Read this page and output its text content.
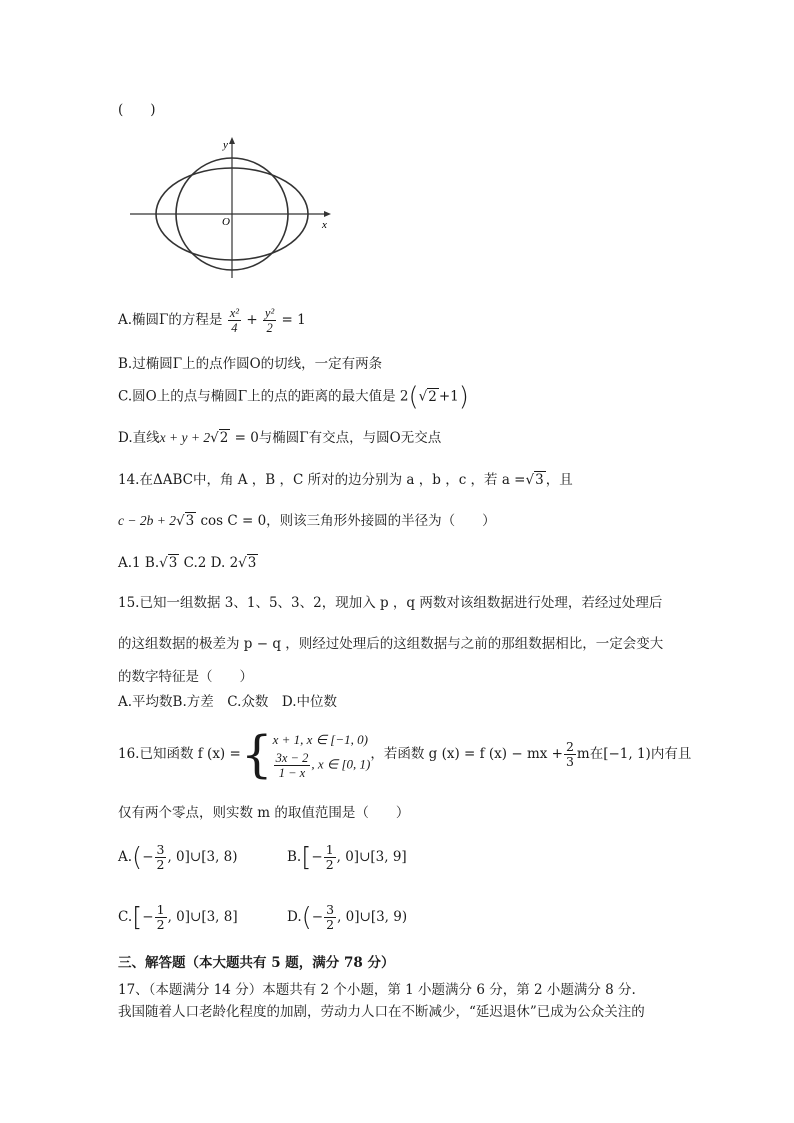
(　　)
y
x
O
A.椭圆Γ的方程是 $\frac{\text{x²}}{4} + \frac{\text{y²}}{2} = 1$
B.过椭圆Γ上的点作圆O的切线，一定有两条
C.圆O上的点与椭圆Γ上的点的距离的最大值是 2(√2 +1)
D.直线x + y + 2√2 = 0与椭圆Γ有交点，与圆O无交点
14.在ΔABC中，角 A ，B ，C 所对的边分别为 a ，b ，c ，若 a =√3 ，且
c − 2b + 2√3 cos C = 0，则该三角形外接圆的半径为（　　）
A.1 B.√3 C.2 D. 2√3
15.已知一组数据 3、1、5、3、2，现加入 p ，q 两数对该组数据进行处理，若经过处理后
的这组数据的极差为 p − q ，则经过处理后的这组数据与之前的那组数据相比，一定会变大
的数字特征是（　　）
A.平均数B.方差　C.众数　D.中位数
16.已知函数 f (x) ={ x + 1, x ∈ [−1, 0)
$\frac{3x - 2}{1 - x}$ , x ∈ [0, 1)
，若函数 g (x) = f (x) − mx + $\frac{2}{3}$ m在[−1, 1)内有且
仅有两个零点，则实数 m 的取值范围是（　　）
$A.(- \frac{3}{2}$ , 0]∪[3, 8)	$B.[- \frac{1}{2}$ , 0]∪[3, 9]
$C.[- \frac{1}{2}$ , 0]∪[3, 8]	$D.(- \frac{3}{2}$ , 0]∪[3, 9)
三、解答题（本大题共有 5 题，满分 78 分）
17、（本题满分 14 分）本题共有 2 个小题，第 1 小题满分 6 分，第 2 小题满分 8 分.
我国随着人口老龄化程度的加剧，劳动力人口在不断减少，“延迟退休”已成为公众关注的
